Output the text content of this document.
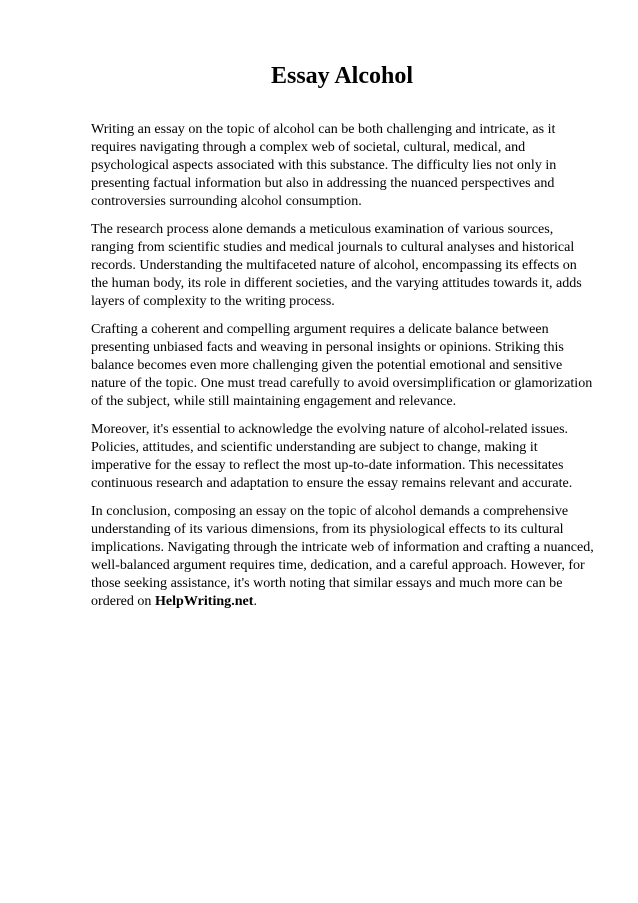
Essay Alcohol

Writing an essay on the topic of alcohol can be both challenging and intricate, as it requires navigating through a complex web of societal, cultural, medical, and psychological aspects associated with this substance. The difficulty lies not only in presenting factual information but also in addressing the nuanced perspectives and controversies surrounding alcohol consumption.

The research process alone demands a meticulous examination of various sources, ranging from scientific studies and medical journals to cultural analyses and historical records. Understanding the multifaceted nature of alcohol, encompassing its effects on the human body, its role in different societies, and the varying attitudes towards it, adds layers of complexity to the writing process.

Crafting a coherent and compelling argument requires a delicate balance between presenting unbiased facts and weaving in personal insights or opinions. Striking this balance becomes even more challenging given the potential emotional and sensitive nature of the topic. One must tread carefully to avoid oversimplification or glamorization of the subject, while still maintaining engagement and relevance.

Moreover, it's essential to acknowledge the evolving nature of alcohol-related issues. Policies, attitudes, and scientific understanding are subject to change, making it imperative for the essay to reflect the most up-to-date information. This necessitates continuous research and adaptation to ensure the essay remains relevant and accurate.

In conclusion, composing an essay on the topic of alcohol demands a comprehensive understanding of its various dimensions, from its physiological effects to its cultural implications. Navigating through the intricate web of information and crafting a nuanced, well-balanced argument requires time, dedication, and a careful approach. However, for those seeking assistance, it's worth noting that similar essays and much more can be ordered on HelpWriting.net.
